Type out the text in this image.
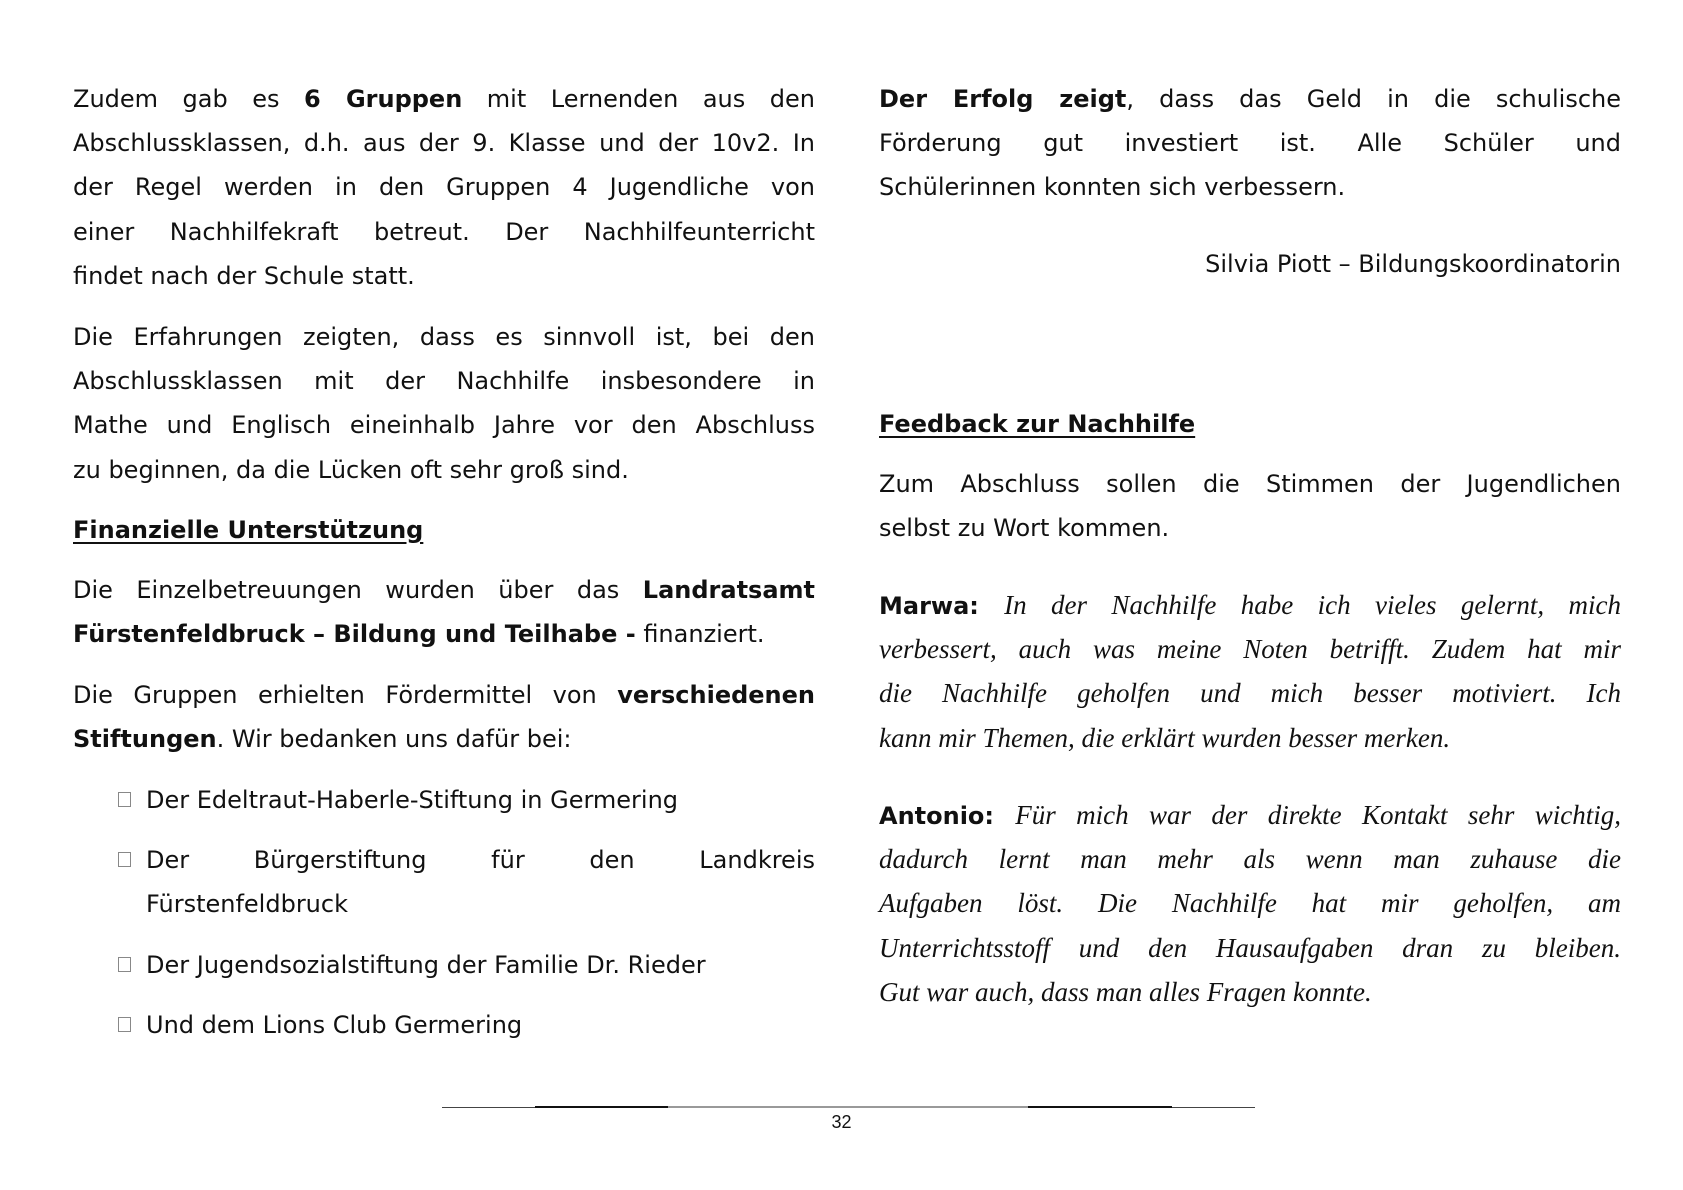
Zudem gab es 6 Gruppen mit Lernenden aus den
Abschlussklassen, d.h. aus der 9. Klasse und der 10v2. In
der Regel werden in den Gruppen 4 Jugendliche von
einer Nachhilfekraft betreut. Der Nachhilfeunterricht
findet nach der Schule statt.
Die Erfahrungen zeigten, dass es sinnvoll ist, bei den
Abschlussklassen mit der Nachhilfe insbesondere in
Mathe und Englisch eineinhalb Jahre vor den Abschluss
zu beginnen, da die Lücken oft sehr groß sind.
Finanzielle Unterstützung
Die Einzelbetreuungen wurden über das Landratsamt
Fürstenfeldbruck – Bildung und Teilhabe - finanziert.
Die Gruppen erhielten Fördermittel von verschiedenen
Stiftungen. Wir bedanken uns dafür bei:
Der Edeltraut-Haberle-Stiftung in Germering
Der Bürgerstiftung für den Landkreis
Fürstenfeldbruck
Der Jugendsozialstiftung der Familie Dr. Rieder
Und dem Lions Club Germering
Der Erfolg zeigt, dass das Geld in die schulische
Förderung gut investiert ist. Alle Schüler und
Schülerinnen konnten sich verbessern.
Silvia Piott – Bildungskoordinatorin
Feedback zur Nachhilfe
Zum Abschluss sollen die Stimmen der Jugendlichen
selbst zu Wort kommen.
Marwa: In der Nachhilfe habe ich vieles gelernt, mich
verbessert, auch was meine Noten betrifft. Zudem hat mir
die Nachhilfe geholfen und mich besser motiviert. Ich
kann mir Themen, die erklärt wurden besser merken.
Antonio: Für mich war der direkte Kontakt sehr wichtig,
dadurch lernt man mehr als wenn man zuhause die
Aufgaben löst. Die Nachhilfe hat mir geholfen, am
Unterrichtsstoff und den Hausaufgaben dran zu bleiben.
Gut war auch, dass man alles Fragen konnte.
32
